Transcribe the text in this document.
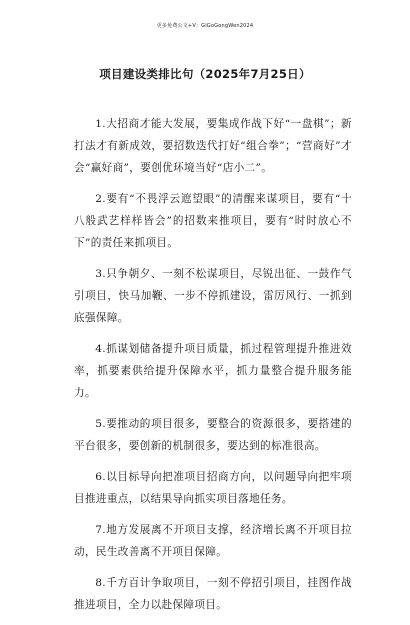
更多免费公文+V：GiGoGongWen2024
项目建设类排比句（2025年7月25日）

1.大招商才能大发展，要集成作战下好“一盘棋”；新打法才有新成效，要招数迭代打好“组合拳”；“营商好”才会“赢好商”，要创优环境当好“店小二”。

2.要有“不畏浮云遮望眼”的清醒来谋项目，要有“十八般武艺样样皆会”的招数来推项目，要有“时时放心不下”的责任来抓项目。

3.只争朝夕、一刻不松谋项目，尽锐出征、一鼓作气引项目，快马加鞭、一步不停抓建设，雷厉风行、一抓到底强保障。

4.抓谋划储备提升项目质量，抓过程管理提升推进效率，抓要素供给提升保障水平，抓力量整合提升服务能力。

5.要推动的项目很多，要整合的资源很多，要搭建的平台很多，要创新的机制很多，要达到的标准很高。

6.以目标导向把准项目招商方向，以问题导向把牢项目推进重点，以结果导向抓实项目落地任务。

7.地方发展离不开项目支撑，经济增长离不开项目拉动，民生改善离不开项目保障。

8.千方百计争取项目，一刻不停招引项目，挂图作战推进项目，全力以赴保障项目。
